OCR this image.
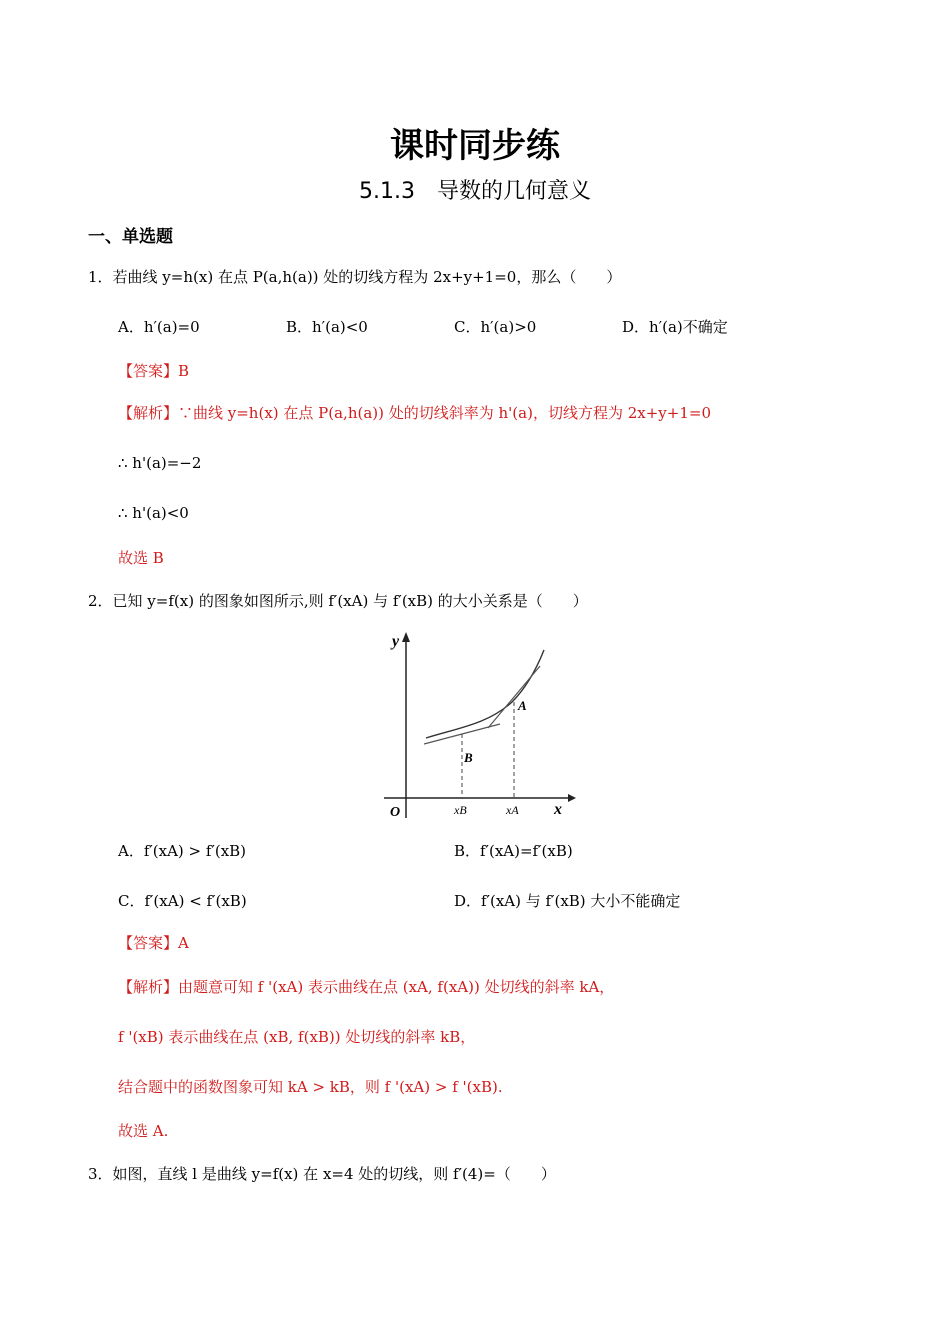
课时同步练
5.1.3　导数的几何意义
一、单选题
1．若曲线 y=h(x) 在点 P(a,h(a)) 处的切线方程为 2x+y+1=0，那么（　　）
A．h′(a)=0	B．h′(a)<0	C．h′(a)>0	D．h′(a)不确定
【答案】B
【解析】∵曲线 y=h(x) 在点 P(a,h(a)) 处的切线斜率为 h'(a)，切线方程为 2x+y+1=0
∴ h'(a)=−2
∴ h'(a)<0
故选 B
2．已知 y=f(x) 的图象如图所示,则 f′(xA) 与 f′(xB) 的大小关系是（　　）
y
x
O
A
B
xB	xA
A．f′(xA) > f′(xB)	B．f′(xA)=f′(xB)
C．f′(xA) < f′(xB)	D．f′(xA) 与 f′(xB) 大小不能确定
【答案】A
【解析】由题意可知 f '(xA) 表示曲线在点 (xA, f(xA)) 处切线的斜率 kA，
f '(xB) 表示曲线在点 (xB, f(xB)) 处切线的斜率 kB，
结合题中的函数图象可知 kA > kB，则 f '(xA) > f '(xB).
故选 A.
3．如图，直线 l 是曲线 y=f(x) 在 x=4 处的切线，则 f′(4)=（　　）
